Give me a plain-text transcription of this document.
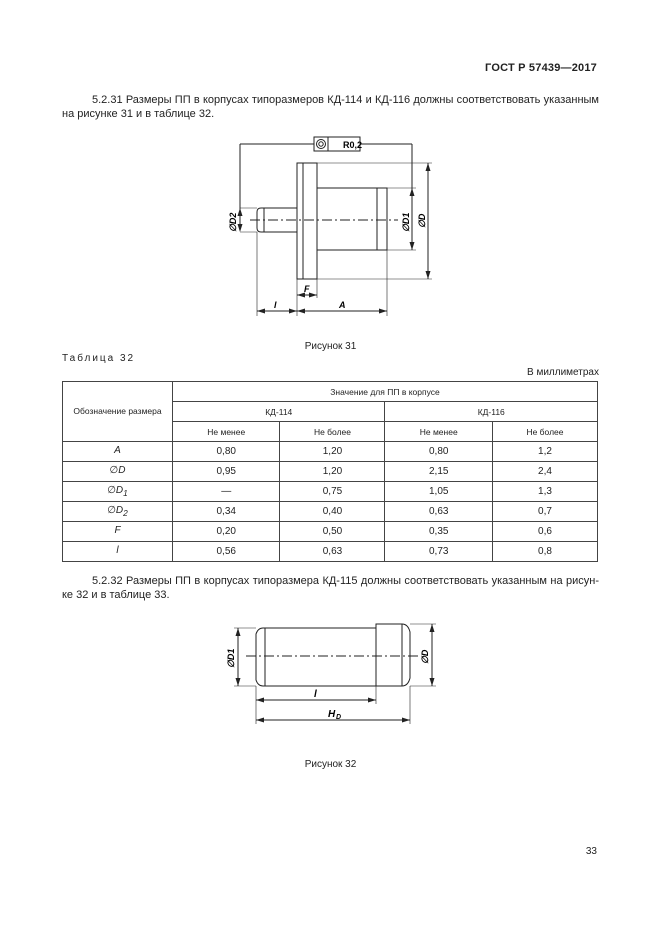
ГОСТ Р 57439—2017
5.2.31 Размеры ПП в корпусах типоразмеров КД-114 и КД-116 должны соответствовать указанным на рисунке 31 и в таблице 32.
R0,2
∅D2	∅D1 ∅D
l
F
A
∅D1	∅D
l
H D
Рисунок 31
Таблица 32
В миллиметрах
Обозначение размера	Значение для ПП в корпусе			
	КД-114		КД-116	
	Не менее	Не более	Не менее	Не более
A	0,80	1,20	0,80	1,2
∅D	0,95	1,20	2,15	2,4
$\emptyset D_1$	—	0,75	1,05	1,3
$\emptyset D_2$	0,34	0,40	0,63	0,7
F	0,20	0,50	0,35	0,6
l	0,56	0,63	0,73	0,8
5.2.32 Размеры ПП в корпусах типоразмера КД-115 должны соответствовать указанным на рисунке 32 и в таблице 33.
Рисунок 32
33
